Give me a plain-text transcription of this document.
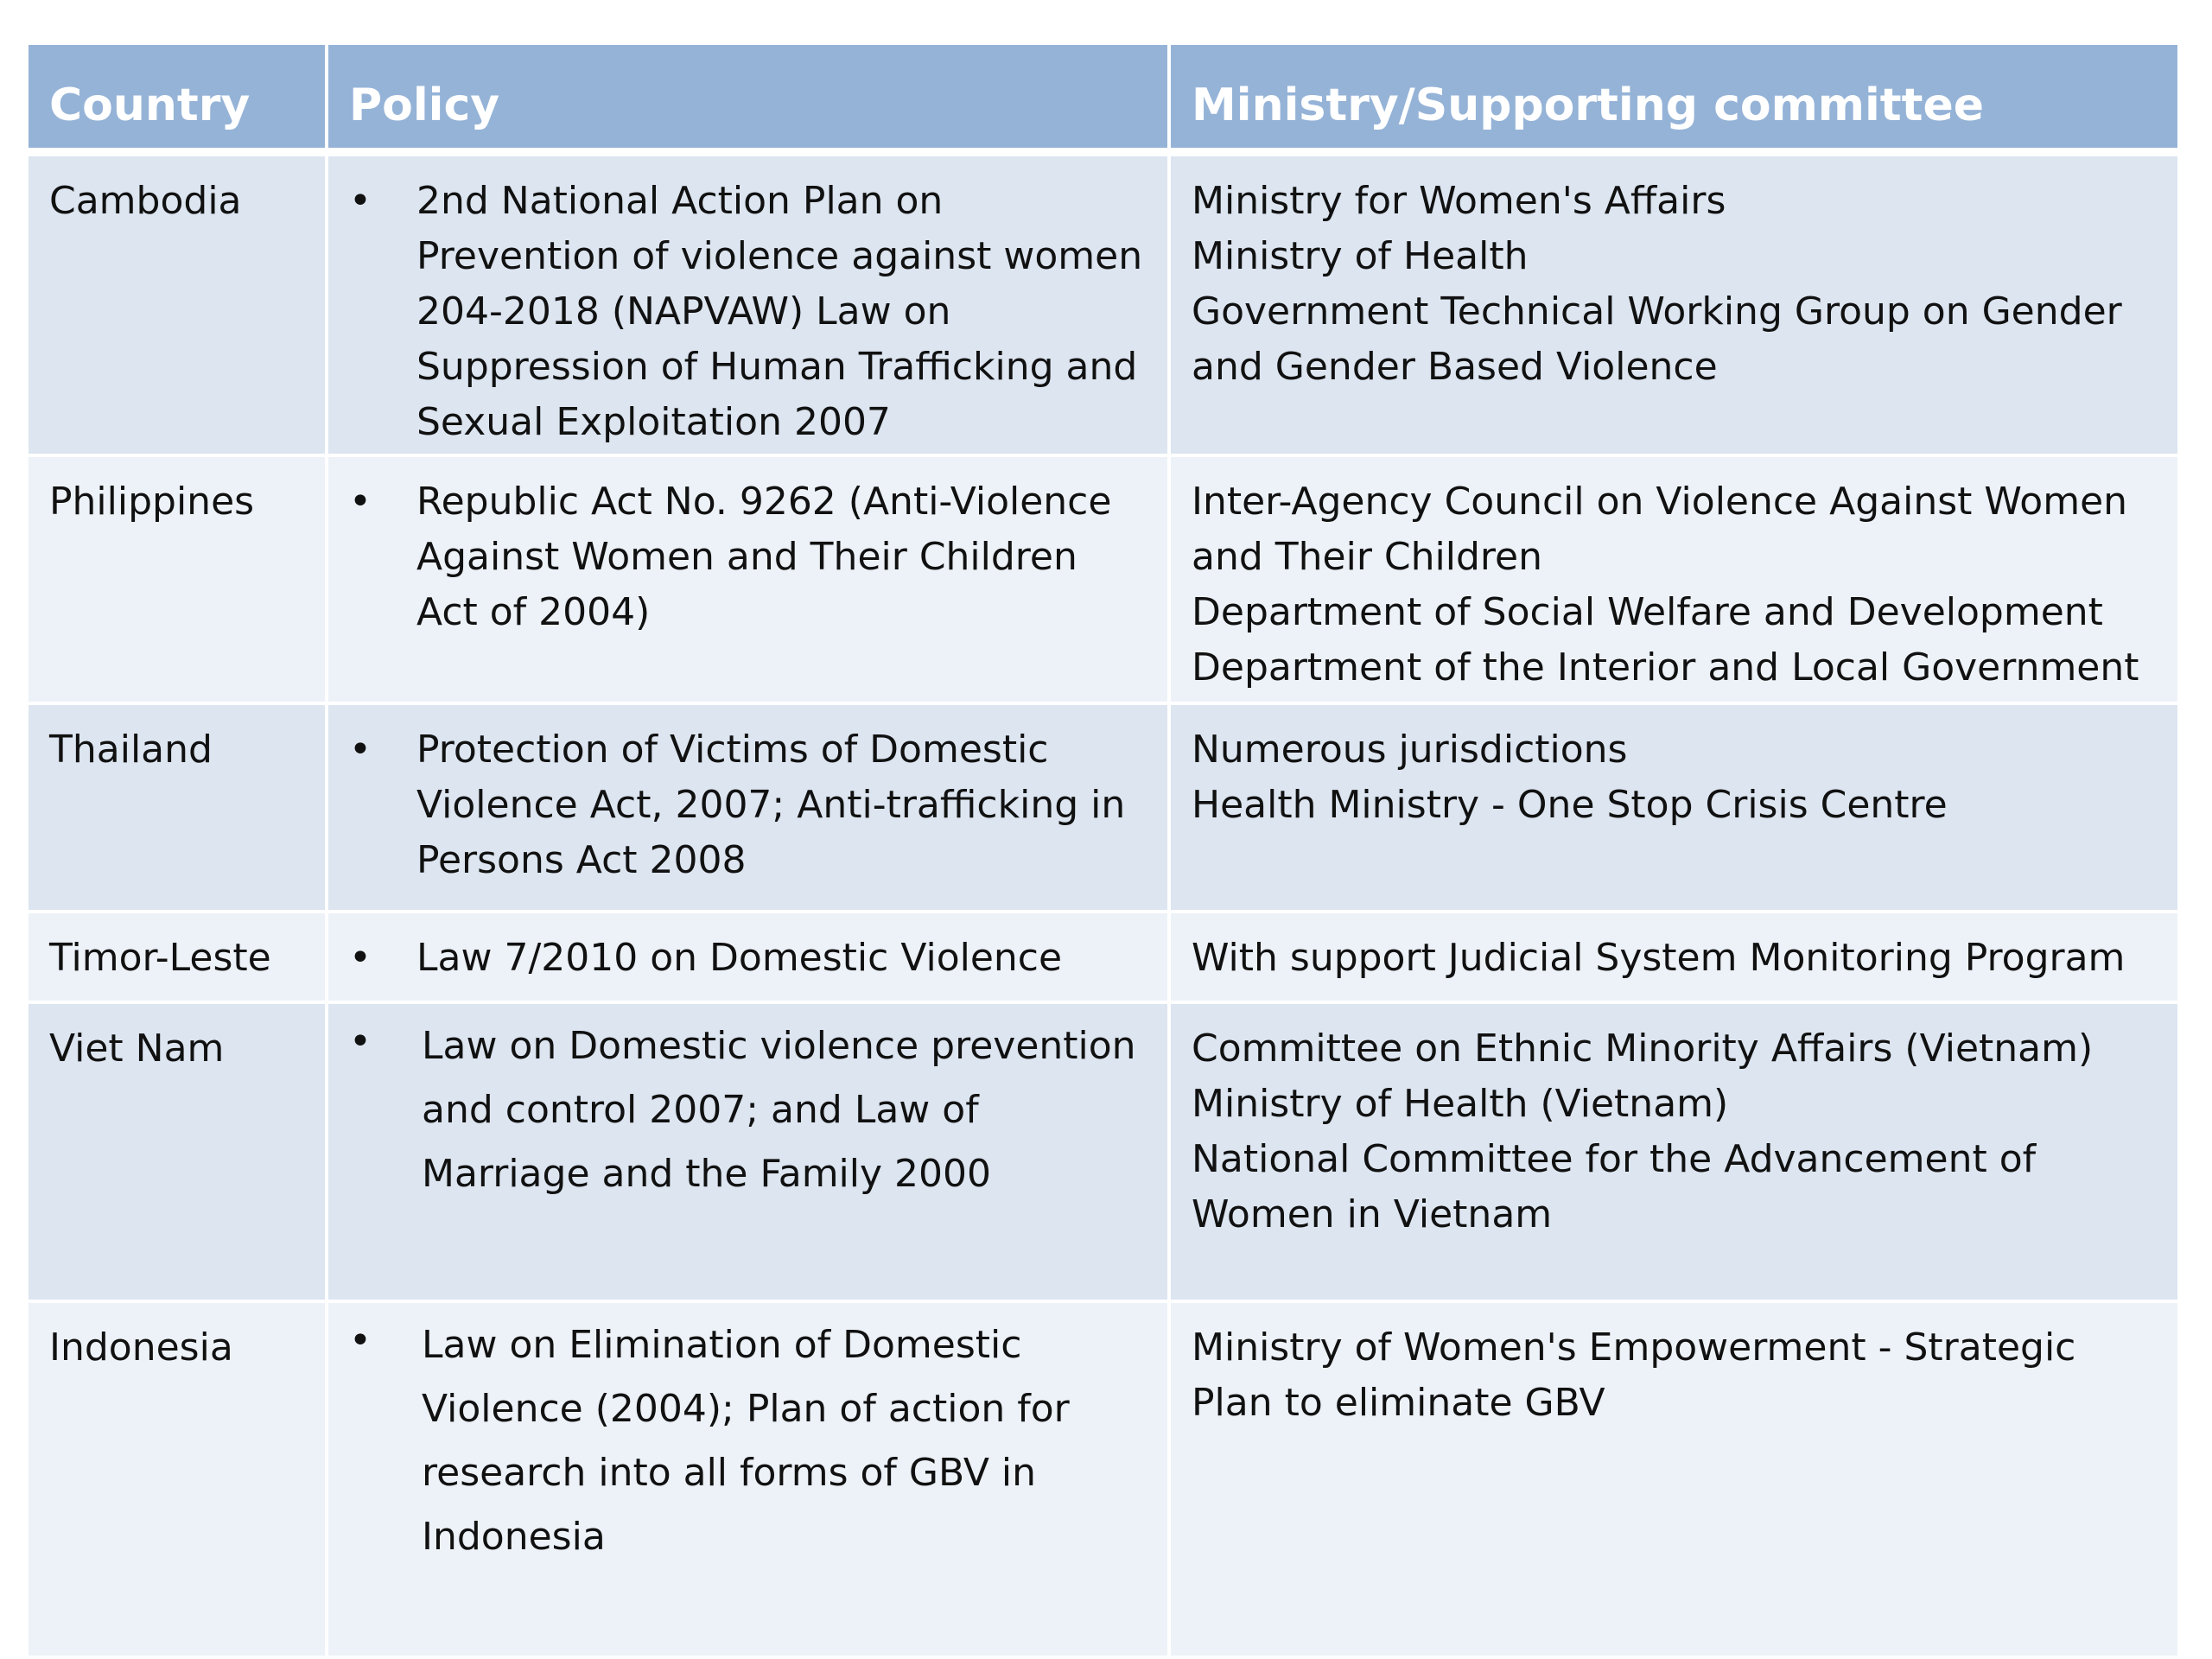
Country	Policy	Ministry/Supporting committee
Cambodia	• 2nd National Action Plan on Prevention of violence against women 204-2018 (NAPVAW) Law on Suppression of Human Trafficking and Sexual Exploitation 2007	Ministry for Women's Affairs
Ministry of Health
Government Technical Working Group on Gender and Gender Based Violence

Philippines	• Republic Act No. 9262 (Anti-Violence Against Women and Their Children Act of 2004)	Inter-Agency Council on Violence Against Women and Their Children
Department of Social Welfare and Development
Department of the Interior and Local Government

Thailand	• Protection of Victims of Domestic Violence Act, 2007; Anti-trafficking in Persons Act 2008	Numerous jurisdictions
Health Ministry - One Stop Crisis Centre

Timor-Leste	• Law 7/2010 on Domestic Violence	With support Judicial System Monitoring Program

Viet Nam	• Law on Domestic violence prevention and control 2007; and Law of Marriage and the Family 2000	Committee on Ethnic Minority Affairs (Vietnam)
Ministry of Health (Vietnam)
National Committee for the Advancement of Women in Vietnam

Indonesia	• Law on Elimination of Domestic Violence (2004); Plan of action for research into all forms of GBV in Indonesia	Ministry of Women's Empowerment - Strategic Plan to eliminate GBV
